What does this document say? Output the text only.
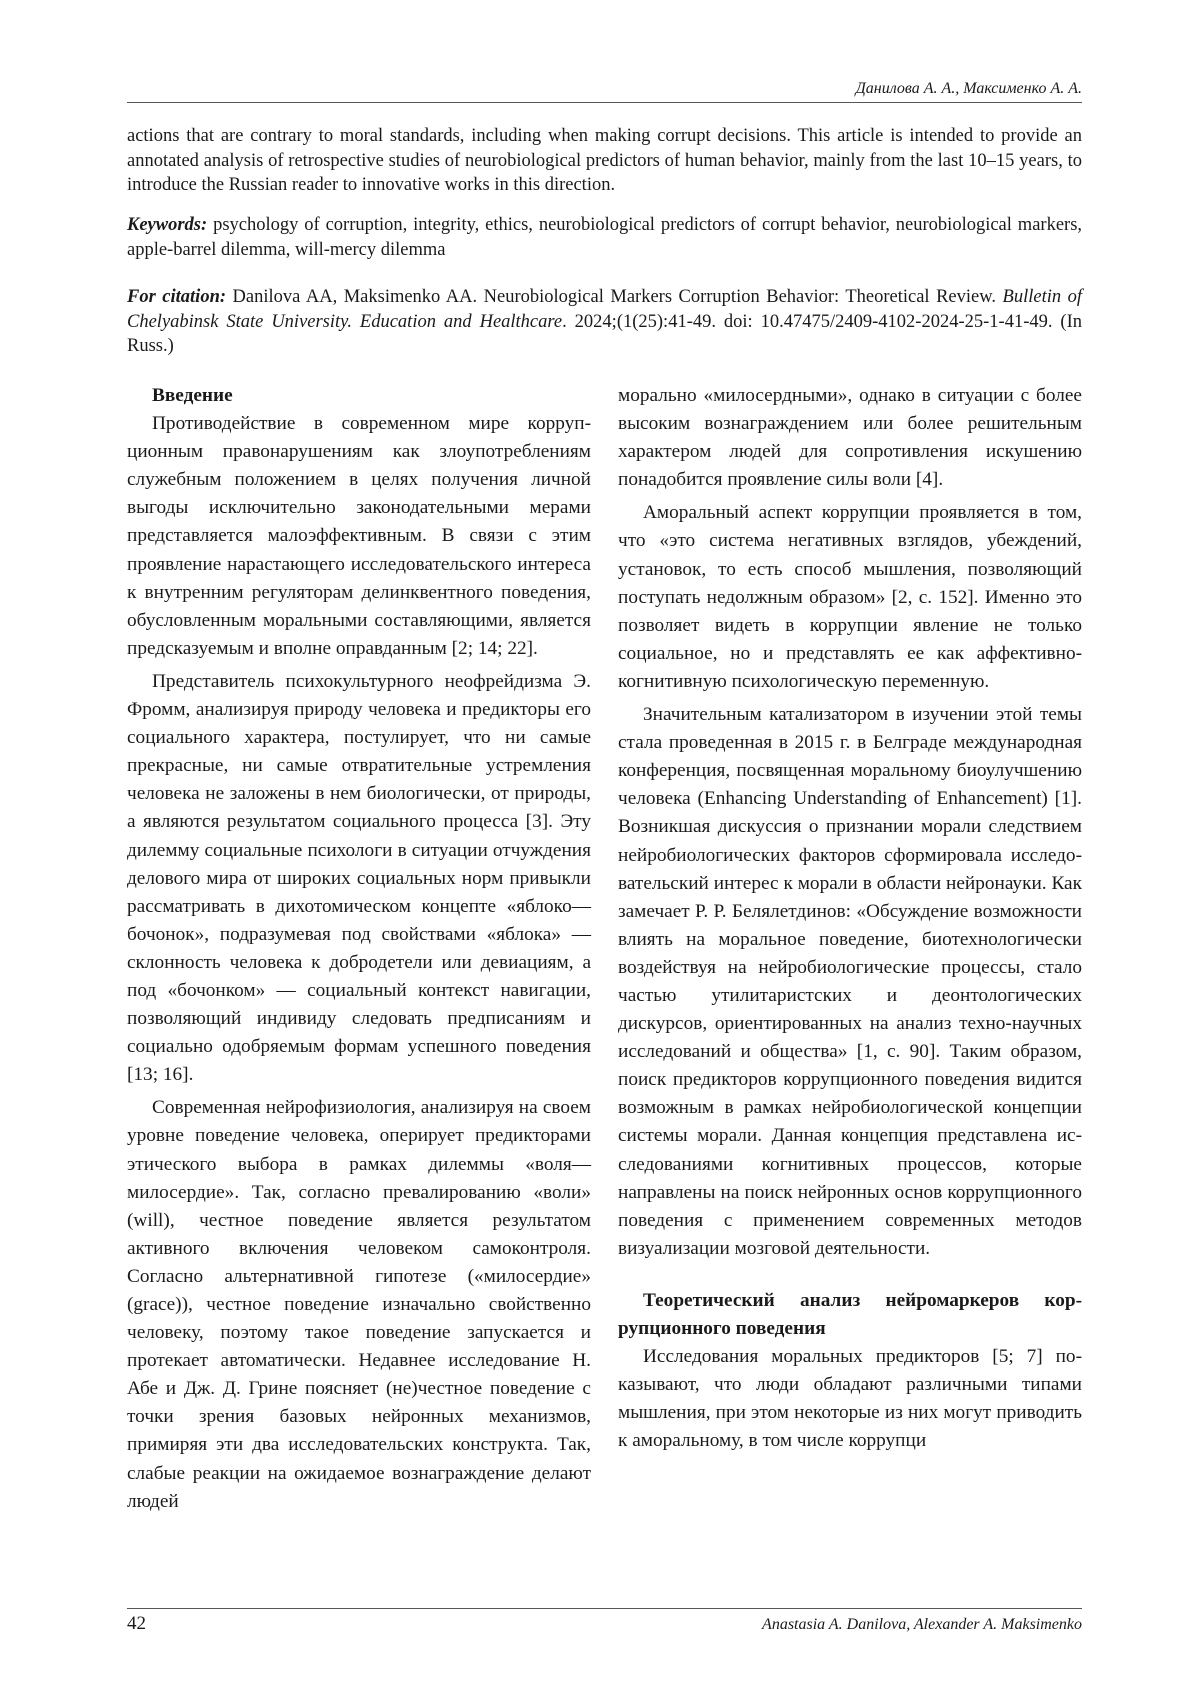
Данилова А. А., Максименко А. А.

actions that are contrary to moral standards, including when making corrupt decisions. This article is intended to provide an annotated analysis of retrospective studies of neurobiological predictors of human behavior, mainly from the last 10–15 years, to introduce the Russian reader to innovative works in this direction.

Keywords: psychology of corruption, integrity, ethics, neurobiological predictors of corrupt behavior, neurobiological markers, apple-barrel dilemma, will-mercy dilemma

For citation: Danilova AA, Maksimenko AA. Neurobiological Markers Corruption Behavior: Theoretical Review. Bulletin of Chelyabinsk State University. Education and Healthcare. 2024;(1(25):41-49. doi: 10.47475/2409-4102-2024-25-1-41-49. (In Russ.)

Введение

Противодействие в современном мире коррупционным правонарушениям как злоупотреблениям служебным положением в целях получения личной выгоды исключительно законодательными мерами представляется малоэффективным. В связи с этим проявление нарастающего исследовательского интереса к внутренним регуляторам делинквентного поведения, обусловленным моральными составляющими, является предсказуемым и вполне оправданным [2; 14; 22].

Представитель психокультурного неофрейдизма Э. Фромм, анализируя природу человека и предикторы его социального характера, постулирует, что ни самые прекрасные, ни самые отвратительные устремления человека не заложены в нем биологически, от природы, а являются результатом социального процесса [3]. Эту дилемму социальные психологи в ситуации отчуждения делового мира от широких социальных норм привыкли рассматривать в дихотомическом концепте «яблоко—бочонок», подразумевая под свойствами «яблока» — склонность человека к добродетели или девиациям, а под «бочонком» — социальный контекст навигации, позволяющий индивиду следовать предписаниям и социально одобряемым формам успешного поведения [13; 16].

Современная нейрофизиология, анализируя на своем уровне поведение человека, оперирует предикторами этического выбора в рамках дилеммы «воля—милосердие». Так, согласно превалированию «воли» (will), честное поведение является результатом активного включения человеком самоконтроля. Согласно альтернативной гипотезе («милосердие» (grace)), честное поведение изначально свойственно человеку, поэтому такое поведение запускается и протекает автоматически. Недавнее исследование Н. Абе и Дж. Д. Грине поясняет (не)честное поведение с точки зрения базовых нейронных механизмов, примиряя эти два исследовательских конструкта. Так, слабые реакции на ожидаемое вознаграждение делают людей

морально «милосердными», однако в ситуации с более высоким вознаграждением или более решительным характером людей для сопротивления искушению понадобится проявление силы воли [4].

Аморальный аспект коррупции проявляется в том, что «это система негативных взглядов, убеждений, установок, то есть способ мышления, позволяющий поступать недолжным образом» [2, с. 152]. Именно это позволяет видеть в коррупции явление не только социальное, но и представлять ее как аффективно-когнитивную психологическую переменную.

Значительным катализатором в изучении этой темы стала проведенная в 2015 г. в Белграде международная конференция, посвященная моральному биоулучшению человека (Enhancing Understanding of Enhancement) [1]. Возникшая дискуссия о признании морали следствием нейробиологических факторов сформировала исследовательский интерес к морали в области нейронауки. Как замечает Р. Р. Белялетдинов: «Обсуждение возможности влиять на моральное поведение, биотехнологически воздействуя на нейробиологические процессы, стало частью утилитаристских и деонтологических дискурсов, ориентированных на анализ техно-научных исследований и общества» [1, с. 90]. Таким образом, поиск предикторов коррупционного поведения видится возможным в рамках нейробиологической концепции системы морали. Данная концепция представлена исследованиями когнитивных процессов, которые направлены на поиск нейронных основ коррупционного поведения с применением современных методов визуализации мозговой деятельности.

Теоретический анализ нейромаркеров коррупционного поведения

Исследования моральных предикторов [5; 7] показывают, что люди обладают различными типами мышления, при этом некоторые из них могут приводить к аморальному, в том числе коррупци

42	Anastasia A. Danilova, Alexander A. Maksimenko
